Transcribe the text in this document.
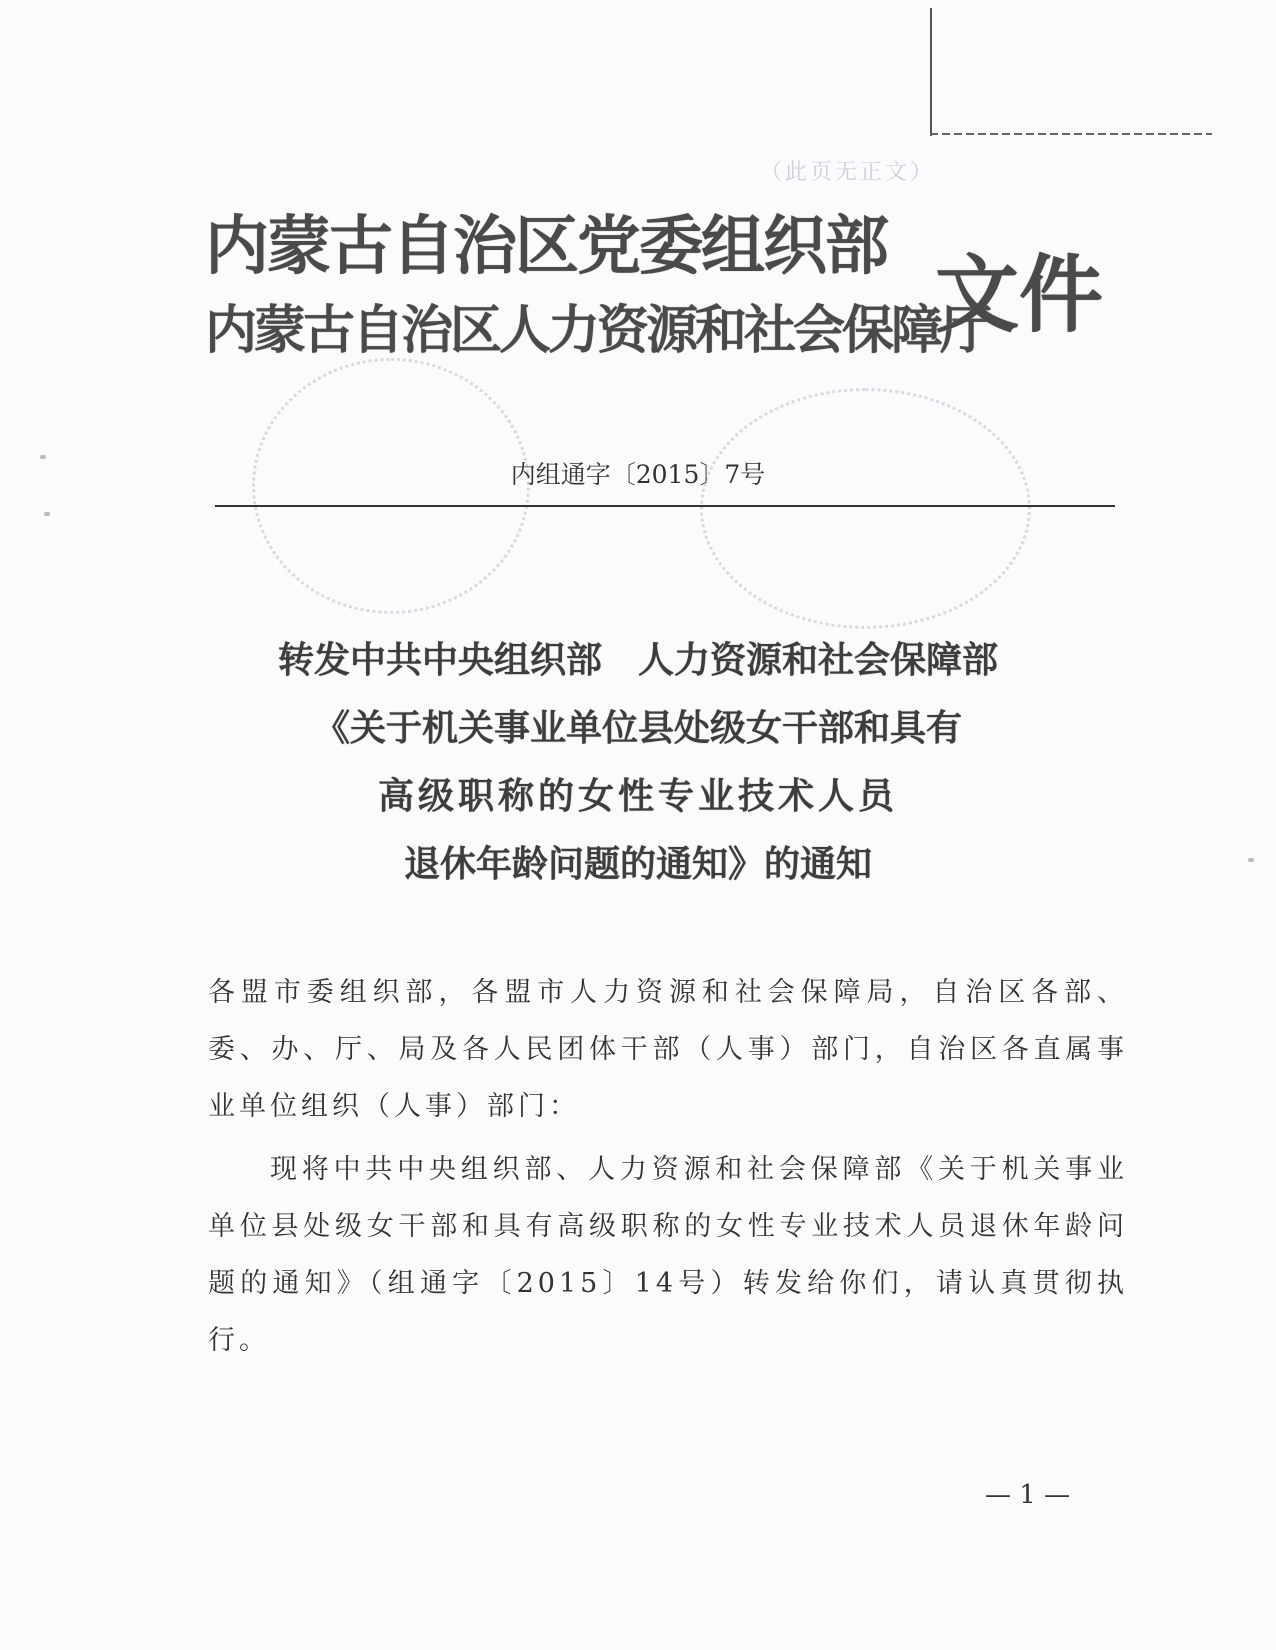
（此页无正文）
内蒙古自治区党委组织部
内蒙古自治区人力资源和社会保障厅
文件
内组通字〔2015〕7号
转发中共中央组织部　人力资源和社会保障部
《关于机关事业单位县处级女干部和具有
高级职称的女性专业技术人员
退休年龄问题的通知》的通知
各盟市委组织部，各盟市人力资源和社会保障局，自治区各部、委、办、厅、局及各人民团体干部（人事）部门，自治区各直属事业单位组织（人事）部门：
现将中共中央组织部、人力资源和社会保障部《关于机关事业单位县处级女干部和具有高级职称的女性专业技术人员退休年龄问题的通知》（组通字〔2015〕14号）转发给你们，请认真贯彻执行。
— 1 —
